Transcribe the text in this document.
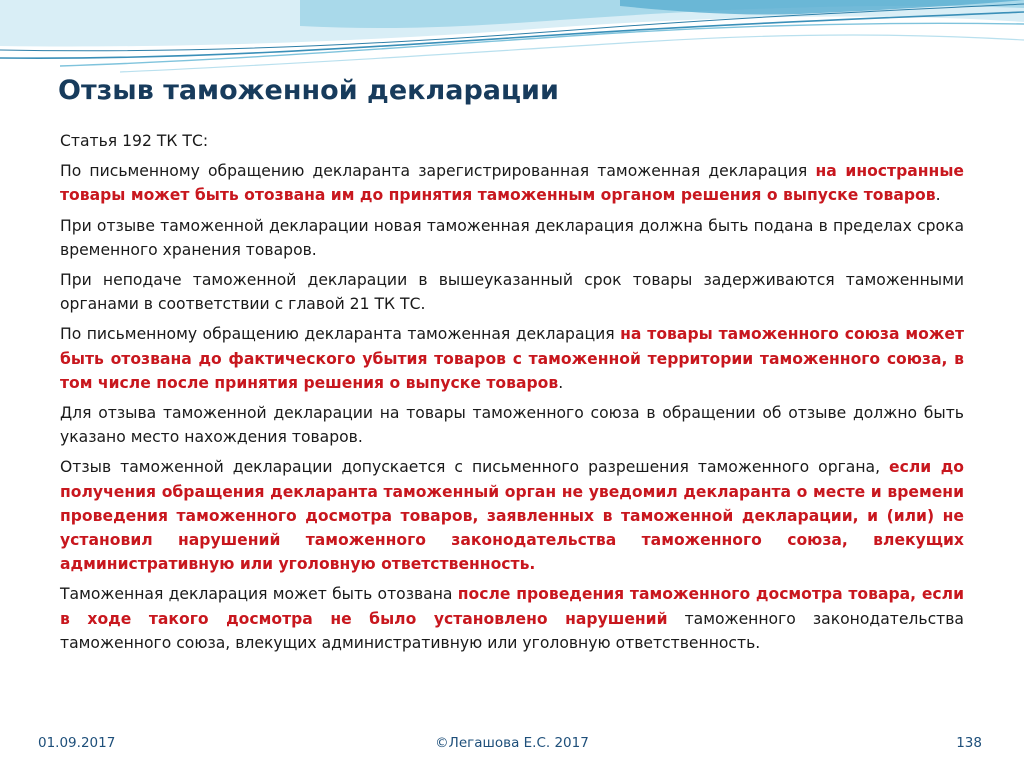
Отзыв таможенной декларации

Статья 192 ТК ТС:

По письменному обращению декларанта зарегистрированная таможенная декларация на иностранные товары может быть отозвана им до принятия таможенным органом решения о выпуске товаров.

При отзыве таможенной декларации новая таможенная декларация должна быть подана в пределах срока временного хранения товаров.

При неподаче таможенной декларации в вышеуказанный срок товары задерживаются таможенными органами в соответствии с главой 21 ТК ТС.

По письменному обращению декларанта таможенная декларация на товары таможенного союза может быть отозвана до фактического убытия товаров с таможенной территории таможенного союза, в том числе после принятия решения о выпуске товаров.

Для отзыва таможенной декларации на товары таможенного союза в обращении об отзыве должно быть указано место нахождения товаров.

Отзыв таможенной декларации допускается с письменного разрешения таможенного органа, если до получения обращения декларанта таможенный орган не уведомил декларанта о месте и времени проведения таможенного досмотра товаров, заявленных в таможенной декларации, и (или) не установил нарушений таможенного законодательства таможенного союза, влекущих административную или уголовную ответственность.

Таможенная декларация может быть отозвана после проведения таможенного досмотра товара, если в ходе такого досмотра не было установлено нарушений таможенного законодательства таможенного союза, влекущих административную или уголовную ответственность.

©Легашова Е.С. 2017
01.09.2017	138
